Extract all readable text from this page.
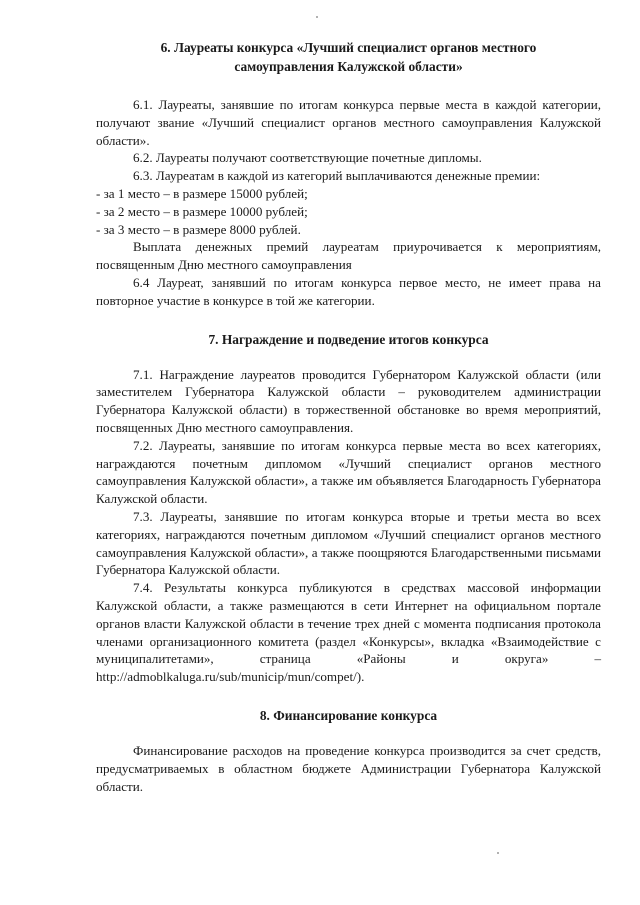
6. Лауреаты конкурса «Лучший специалист органов местного самоуправления Калужской области»

6.1. Лауреаты, занявшие по итогам конкурса первые места в каждой категории, получают звание «Лучший специалист органов местного самоуправления Калужской области».

6.2. Лауреаты получают соответствующие почетные дипломы.

6.3. Лауреатам в каждой из категорий выплачиваются денежные премии:

- за 1 место – в размере 15000 рублей;

- за 2 место – в размере 10000 рублей;

- за 3 место – в размере 8000 рублей.

Выплата денежных премий лауреатам приурочивается к мероприятиям, посвященным Дню местного самоуправления

6.4 Лауреат, занявший по итогам конкурса первое место, не имеет права на повторное участие в конкурсе в той же категории.

7. Награждение и подведение итогов конкурса

7.1. Награждение лауреатов проводится Губернатором Калужской области (или заместителем Губернатора Калужской области – руководителем администрации Губернатора Калужской области) в торжественной обстановке во время мероприятий, посвященных Дню местного самоуправления.

7.2. Лауреаты, занявшие по итогам конкурса первые места во всех категориях, награждаются почетным дипломом «Лучший специалист органов местного самоуправления Калужской области», а также им объявляется Благодарность Губернатора Калужской области.

7.3. Лауреаты, занявшие по итогам конкурса вторые и третьи места во всех категориях, награждаются почетным дипломом «Лучший специалист органов местного самоуправления Калужской области», а также поощряются Благодарственными письмами Губернатора Калужской области.

7.4. Результаты конкурса публикуются в средствах массовой информации Калужской области, а также размещаются в сети Интернет на официальном портале органов власти Калужской области в течение трех дней с момента подписания протокола членами организационного комитета (раздел «Конкурсы», вкладка «Взаимодействие с муниципалитетами», страница «Районы и округа» – http://admoblkaluga.ru/sub/municip/mun/compet/).

8. Финансирование конкурса

Финансирование расходов на проведение конкурса производится за счет средств, предусматриваемых в областном бюджете Администрации Губернатора Калужской области.
